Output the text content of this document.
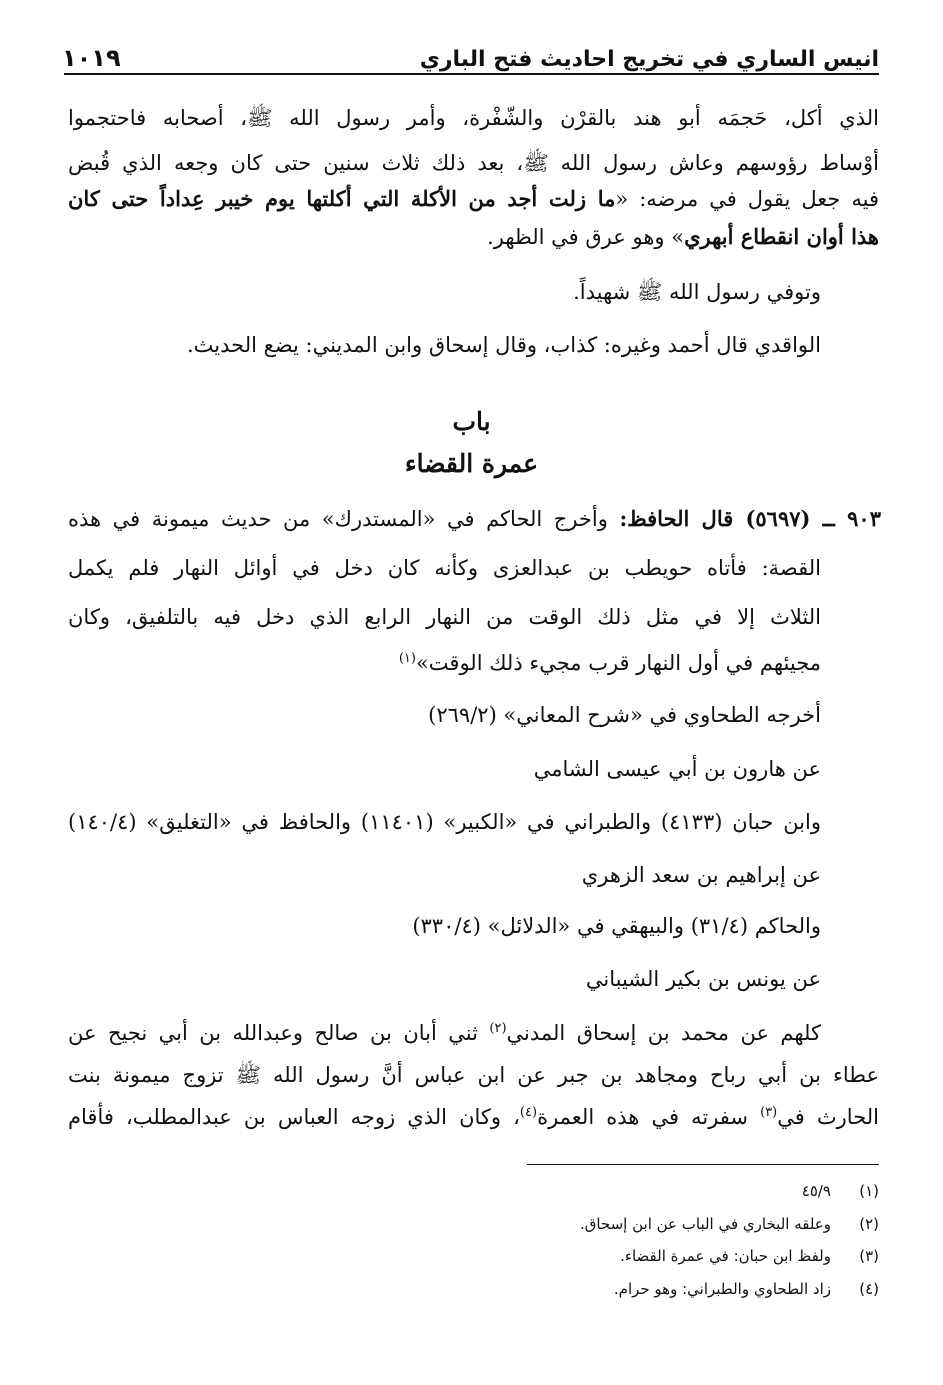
انيس الساري في تخريج احاديث فتح الباري
١٠١٩
الذي أكل، حَجمَه أبو هند بالقرْن والشّفْرة، وأمر رسول الله ﷺ، أصحابه فاحتجموا
أوْساط رؤوسهم وعاش رسول الله ﷺ، بعد ذلك ثلاث سنين حتى كان وجعه الذي قُبض
فيه جعل يقول في مرضه: «ما زلت أجد من الأكلة التي أكلتها يوم خيبر عِداداً حتى كان
هذا أوان انقطاع أبهري» وهو عرق في الظهر.
وتوفي رسول الله ﷺ شهيداً.
الواقدي قال أحمد وغيره: كذاب، وقال إسحاق وابن المديني: يضع الحديث.
باب
عمرة القضاء
٩٠٣ ــ (٥٦٩٧) قال الحافظ: وأخرج الحاكم في «المستدرك» من حديث ميمونة في هذه
القصة: فأتاه حويطب بن عبدالعزى وكأنه كان دخل في أوائل النهار فلم يكمل
الثلاث إلا في مثل ذلك الوقت من النهار الرابع الذي دخل فيه بالتلفيق، وكان
مجيئهم في أول النهار قرب مجيء ذلك الوقت»$^{(١)}$
أخرجه الطحاوي في «شرح المعاني» (٢٦٩/٢)
عن هارون بن أبي عيسى الشامي
وابن حبان (٤١٣٣) والطبراني في «الكبير» (١١٤٠١) والحافظ في «التغليق» (١٤٠/٤)
عن إبراهيم بن سعد الزهري
والحاكم (٣١/٤) والبيهقي في «الدلائل» (٣٣٠/٤)
عن يونس بن بكير الشيباني
كلهم عن محمد بن إسحاق المدني$^{(٢)}$ ثني أبان بن صالح وعبدالله بن أبي نجيح عن
عطاء بن أبي رباح ومجاهد بن جبر عن ابن عباس أنَّ رسول الله ﷺ تزوج ميمونة بنت
الحارث في$^{(٣)}$ سفرته في هذه العمرة$^{(٤)}$، وكان الذي زوجه العباس بن عبدالمطلب، فأقام
(١)٤٥/٩
(٢)وعلقه البخاري في الباب عن ابن إسحاق.
(٣)ولفظ ابن حبان: في عمرة القضاء.
(٤)زاد الطحاوي والطبراني: وهو حرام.
